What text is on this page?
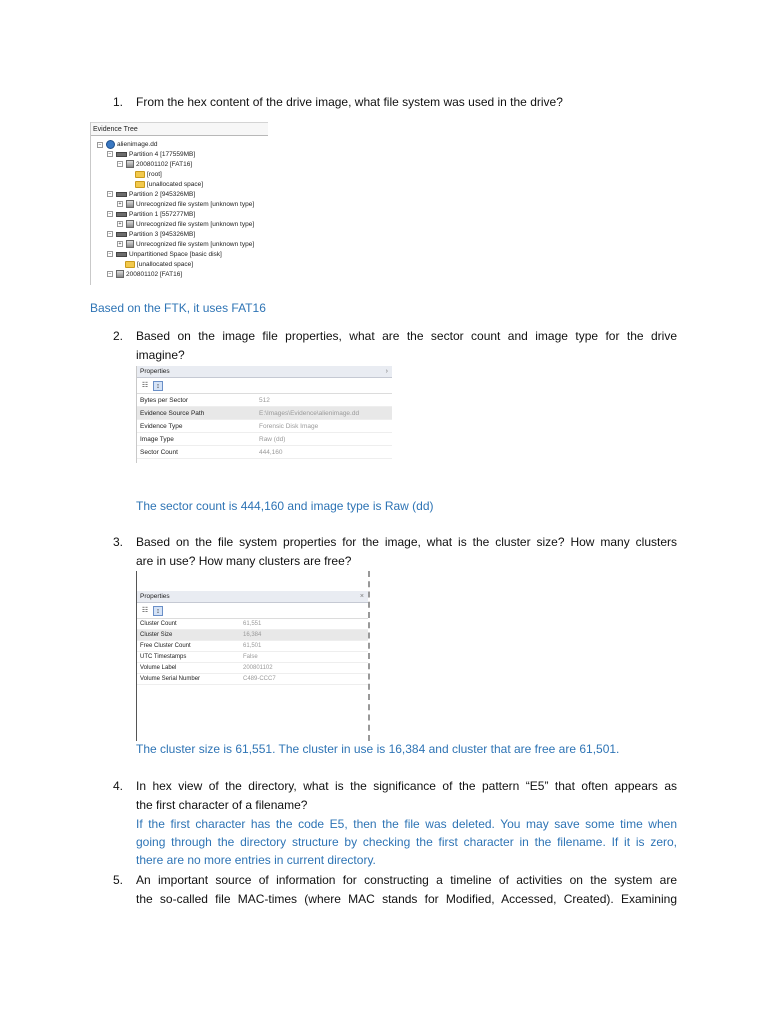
1.	From the hex content of the drive image, what file system was used in the drive?
Evidence Tree
− alienimage.dd
−	Partition 4 [177559MB]
− 200801102 [FAT16]
[root]
[unallocated space]
−	Partition 2 [945326MB]
+ Unrecognized file system [unknown type]
−	Partition 1 [557277MB]
+ Unrecognized file system [unknown type]
−	Partition 3 [945326MB]
+ Unrecognized file system [unknown type]
−	Unpartitioned Space [basic disk]
[unallocated space]
− 200801102 [FAT16]
Based on the FTK, it uses FAT16
2.	Based on the image file properties, what are the sector count and image type for the drive
imagine?
Properties	›
☷	↕
Bytes per Sector	512
Evidence Source Path	E:\Images\Evidence\alienimage.dd
Evidence Type	Forensic Disk Image
Image Type	Raw (dd)
Sector Count	444,160
The sector count is 444,160 and image type is Raw (dd)
3.	Based on the file system properties for the image, what is the cluster size? How many clusters
are in use? How many clusters are free?
Properties	×
☷	↕
Cluster Count	61,551
Cluster Size	16,384
Free Cluster Count	61,501
UTC Timestamps	False
Volume Label	200801102
Volume Serial Number	C489-CCC7
The cluster size is 61,551. The cluster in use is 16,384 and cluster that are free are 61,501.
4.	In hex view of the directory, what is the significance of the pattern “E5” that often appears as
the first character of a filename?
If the first character has the code E5, then the file was deleted. You may save some time when
going through the directory structure by checking the first character in the filename. If it is zero,
there are no more entries in current directory.
5.	An important source of information for constructing a timeline of activities on the system are
the so-called file MAC-times (where MAC stands for Modified, Accessed, Created). Examining
